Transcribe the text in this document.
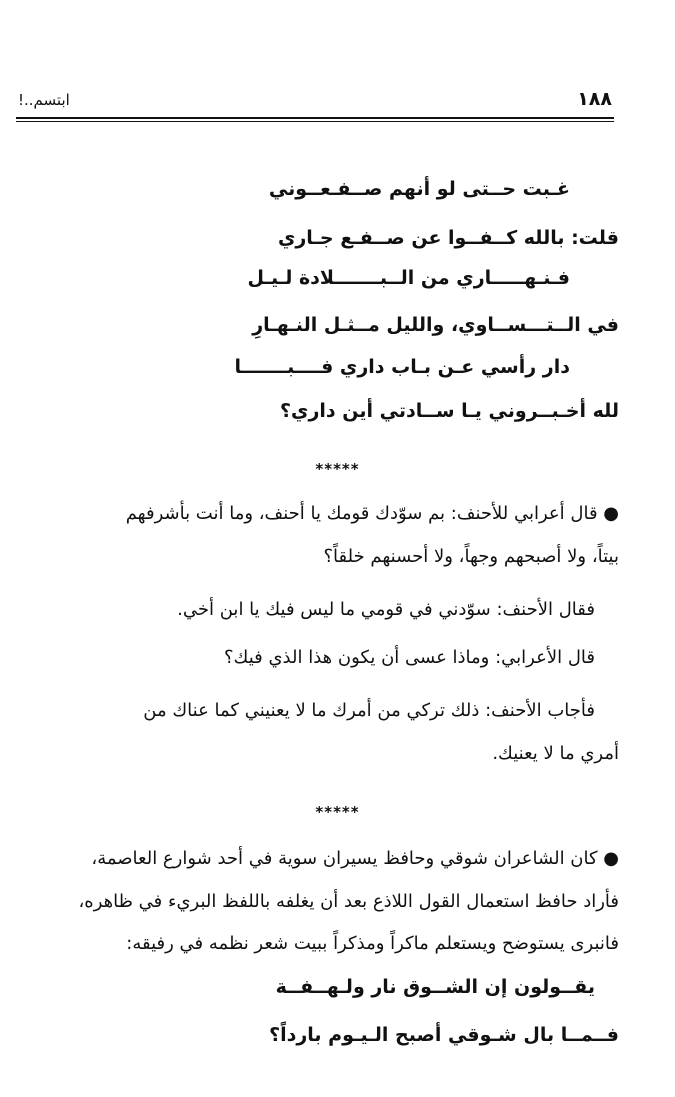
١٨٨
ابتسم..!
غـبت حــتى لو أنهم صــفـعــوني
قلت: بالله كــفــوا عن صــفـع جـاري
فـنـهـــــاري من الــبـــــــلادة لـيـل
في الــتـــســاوي، والليل مــثـل النـهـارِ
دار رأسي عـن بـاب داري فــــبـــــــا
لله أخـبــروني يـا ســادتي أين داري؟
*****
● قال أعرابي للأحنف: بم سوّدك قومك يا أحنف، وما أنت بأشرفهم
بيتاً، ولا أصبحهم وجهاً، ولا أحسنهم خلقاً؟
فقال الأحنف: سوّدني في قومي ما ليس فيك يا ابن أخي.
قال الأعرابي: وماذا عسى أن يكون هذا الذي فيك؟
فأجاب الأحنف: ذلك تركي من أمرك ما لا يعنيني كما عناك من
أمري ما لا يعنيك.
*****
● كان الشاعران شوقي وحافظ يسيران سوية في أحد شوارع العاصمة،
فأراد حافظ استعمال القول اللاذع بعد أن يغلفه باللفظ البريء في ظاهره،
فانبرى يستوضح ويستعلم ماكراً ومذكراً ببيت شعر نظمه في رفيقه:
يقــولون إن الشــوق نار ولـهــفــة
فــمــا بال شـوقي أصبح الـيـوم بارداً؟
